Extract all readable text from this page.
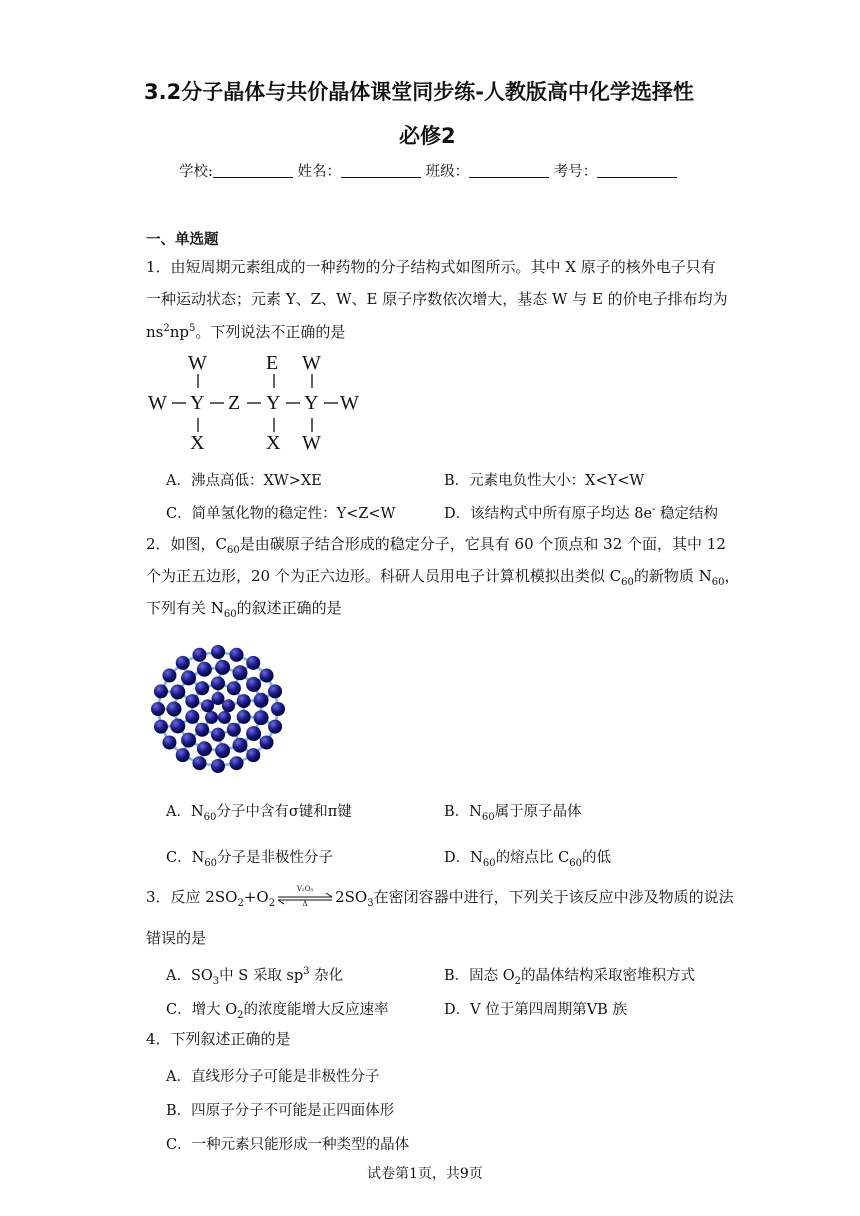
3.2分子晶体与共价晶体课堂同步练-人教版高中化学选择性
必修2
学校:	姓名：	班级：	考号：
一、单选题
1．由短周期元素组成的一种药物的分子结构式如图所示。其中 X 原子的核外电子只有
一种运动状态；元素 Y、Z、W、E 原子序数依次增大，基态 W 与 E 的价电子排布均为
$ns^2np^5$。下列说法不正确的是
W	E W
W Y Z Y Y W
X	X W
A．沸点高低：XW>XE	B．元素电负性大小：X<Y<W
C．简单氢化物的稳定性：Y<Z<W	D．该结构式中所有原子均达 8e- 稳定结构
2．如图，$C_{60}$是由碳原子结合形成的稳定分子，它具有 60 个顶点和 32 个面，其中 12
个为正五边形，20 个为正六边形。科研人员用电子计算机模拟出类似 $C_{60}$的新物质 $N_{60}$，
下列有关 $N_{60}$的叙述正确的是
A．$N_{60}$分子中含有σ键和π键	B．$N_{60}$属于原子晶体
C．$N_{60}$分子是非极性分子	D．$N_{60}$的熔点比 $C_{60}$的低
3．反应 $2SO_2+O_2$
V₂O₅
Δ	$2SO_3$在密闭容器中进行，下列关于该反应中涉及物质的说法
错误的是
A．$SO_3$中 S 采取 $sp^3$ 杂化	B．固态 $O_2$的晶体结构采取密堆积方式
C．增大 $O_2$的浓度能增大反应速率	D．V 位于第四周期第VB 族
4．下列叙述正确的是
A．直线形分子可能是非极性分子
B．四原子分子不可能是正四面体形
C．一种元素只能形成一种类型的晶体
试卷第1页，共9页
